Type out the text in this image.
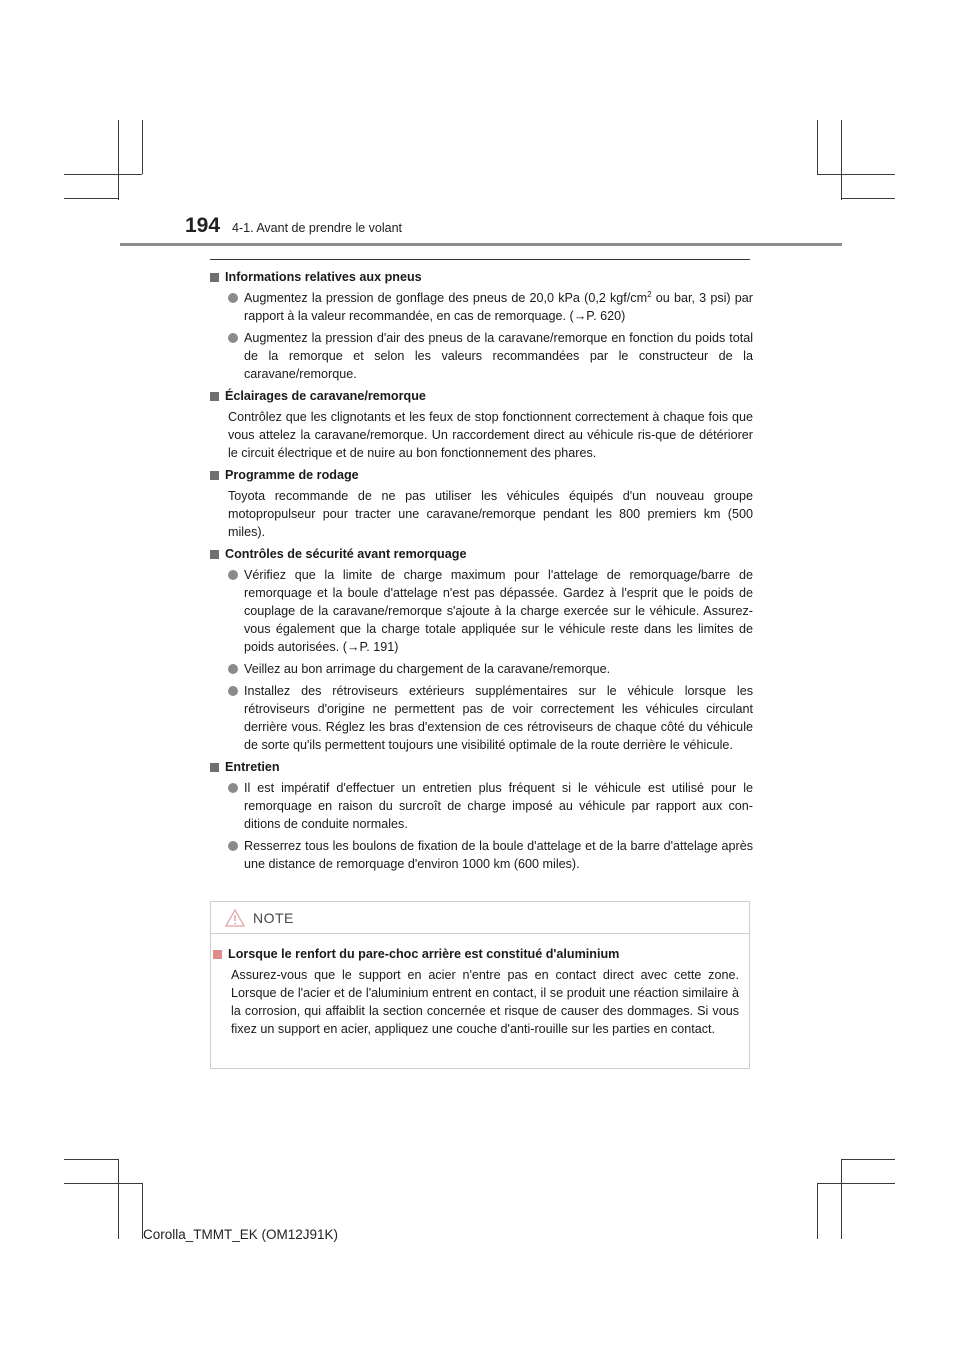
194 4-1. Avant de prendre le volant
Informations relatives aux pneus
Augmentez la pression de gonflage des pneus de 20,0 kPa (0,2 kgf/$cm^2$ ou bar, 3 psi) par rapport à la valeur recommandée, en cas de remorquage. (→P. 620)
Augmentez la pression d'air des pneus de la caravane/remorque en fonction du poids total de la remorque et selon les valeurs recommandées par le constructeur de la caravane/remorque.
Éclairages de caravane/remorque
Contrôlez que les clignotants et les feux de stop fonctionnent correctement à chaque fois que vous attelez la caravane/remorque. Un raccordement direct au véhicule ris-que de détériorer le circuit électrique et de nuire au bon fonctionnement des phares.
Programme de rodage
Toyota recommande de ne pas utiliser les véhicules équipés d'un nouveau groupe motopropulseur pour tracter une caravane/remorque pendant les 800 premiers km (500 miles).
Contrôles de sécurité avant remorquage
Vérifiez que la limite de charge maximum pour l'attelage de remorquage/barre de remorquage et la boule d'attelage n'est pas dépassée. Gardez à l'esprit que le poids de couplage de la caravane/remorque s'ajoute à la charge exercée sur le véhicule. Assurez-vous également que la charge totale appliquée sur le véhicule reste dans les limites de poids autorisées. (→P. 191)
Veillez au bon arrimage du chargement de la caravane/remorque.
Installez des rétroviseurs extérieurs supplémentaires sur le véhicule lorsque les rétroviseurs d'origine ne permettent pas de voir correctement les véhicules circulant derrière vous. Réglez les bras d'extension de ces rétroviseurs de chaque côté du véhicule de sorte qu'ils permettent toujours une visibilité optimale de la route derrière le véhicule.
Entretien
Il est impératif d'effectuer un entretien plus fréquent si le véhicule est utilisé pour le remorquage en raison du surcroît de charge imposé au véhicule par rapport aux con-ditions de conduite normales.
Resserrez tous les boulons de fixation de la boule d'attelage et de la barre d'attelage après une distance de remorquage d'environ 1000 km (600 miles).
NOTE
Lorsque le renfort du pare-choc arrière est constitué d'aluminium
Assurez-vous que le support en acier n'entre pas en contact direct avec cette zone. Lorsque de l'acier et de l'aluminium entrent en contact, il se produit une réaction similaire à la corrosion, qui affaiblit la section concernée et risque de causer des dommages. Si vous fixez un support en acier, appliquez une couche d'anti-rouille sur les parties en contact.
Corolla_TMMT_EK (OM12J91K)
